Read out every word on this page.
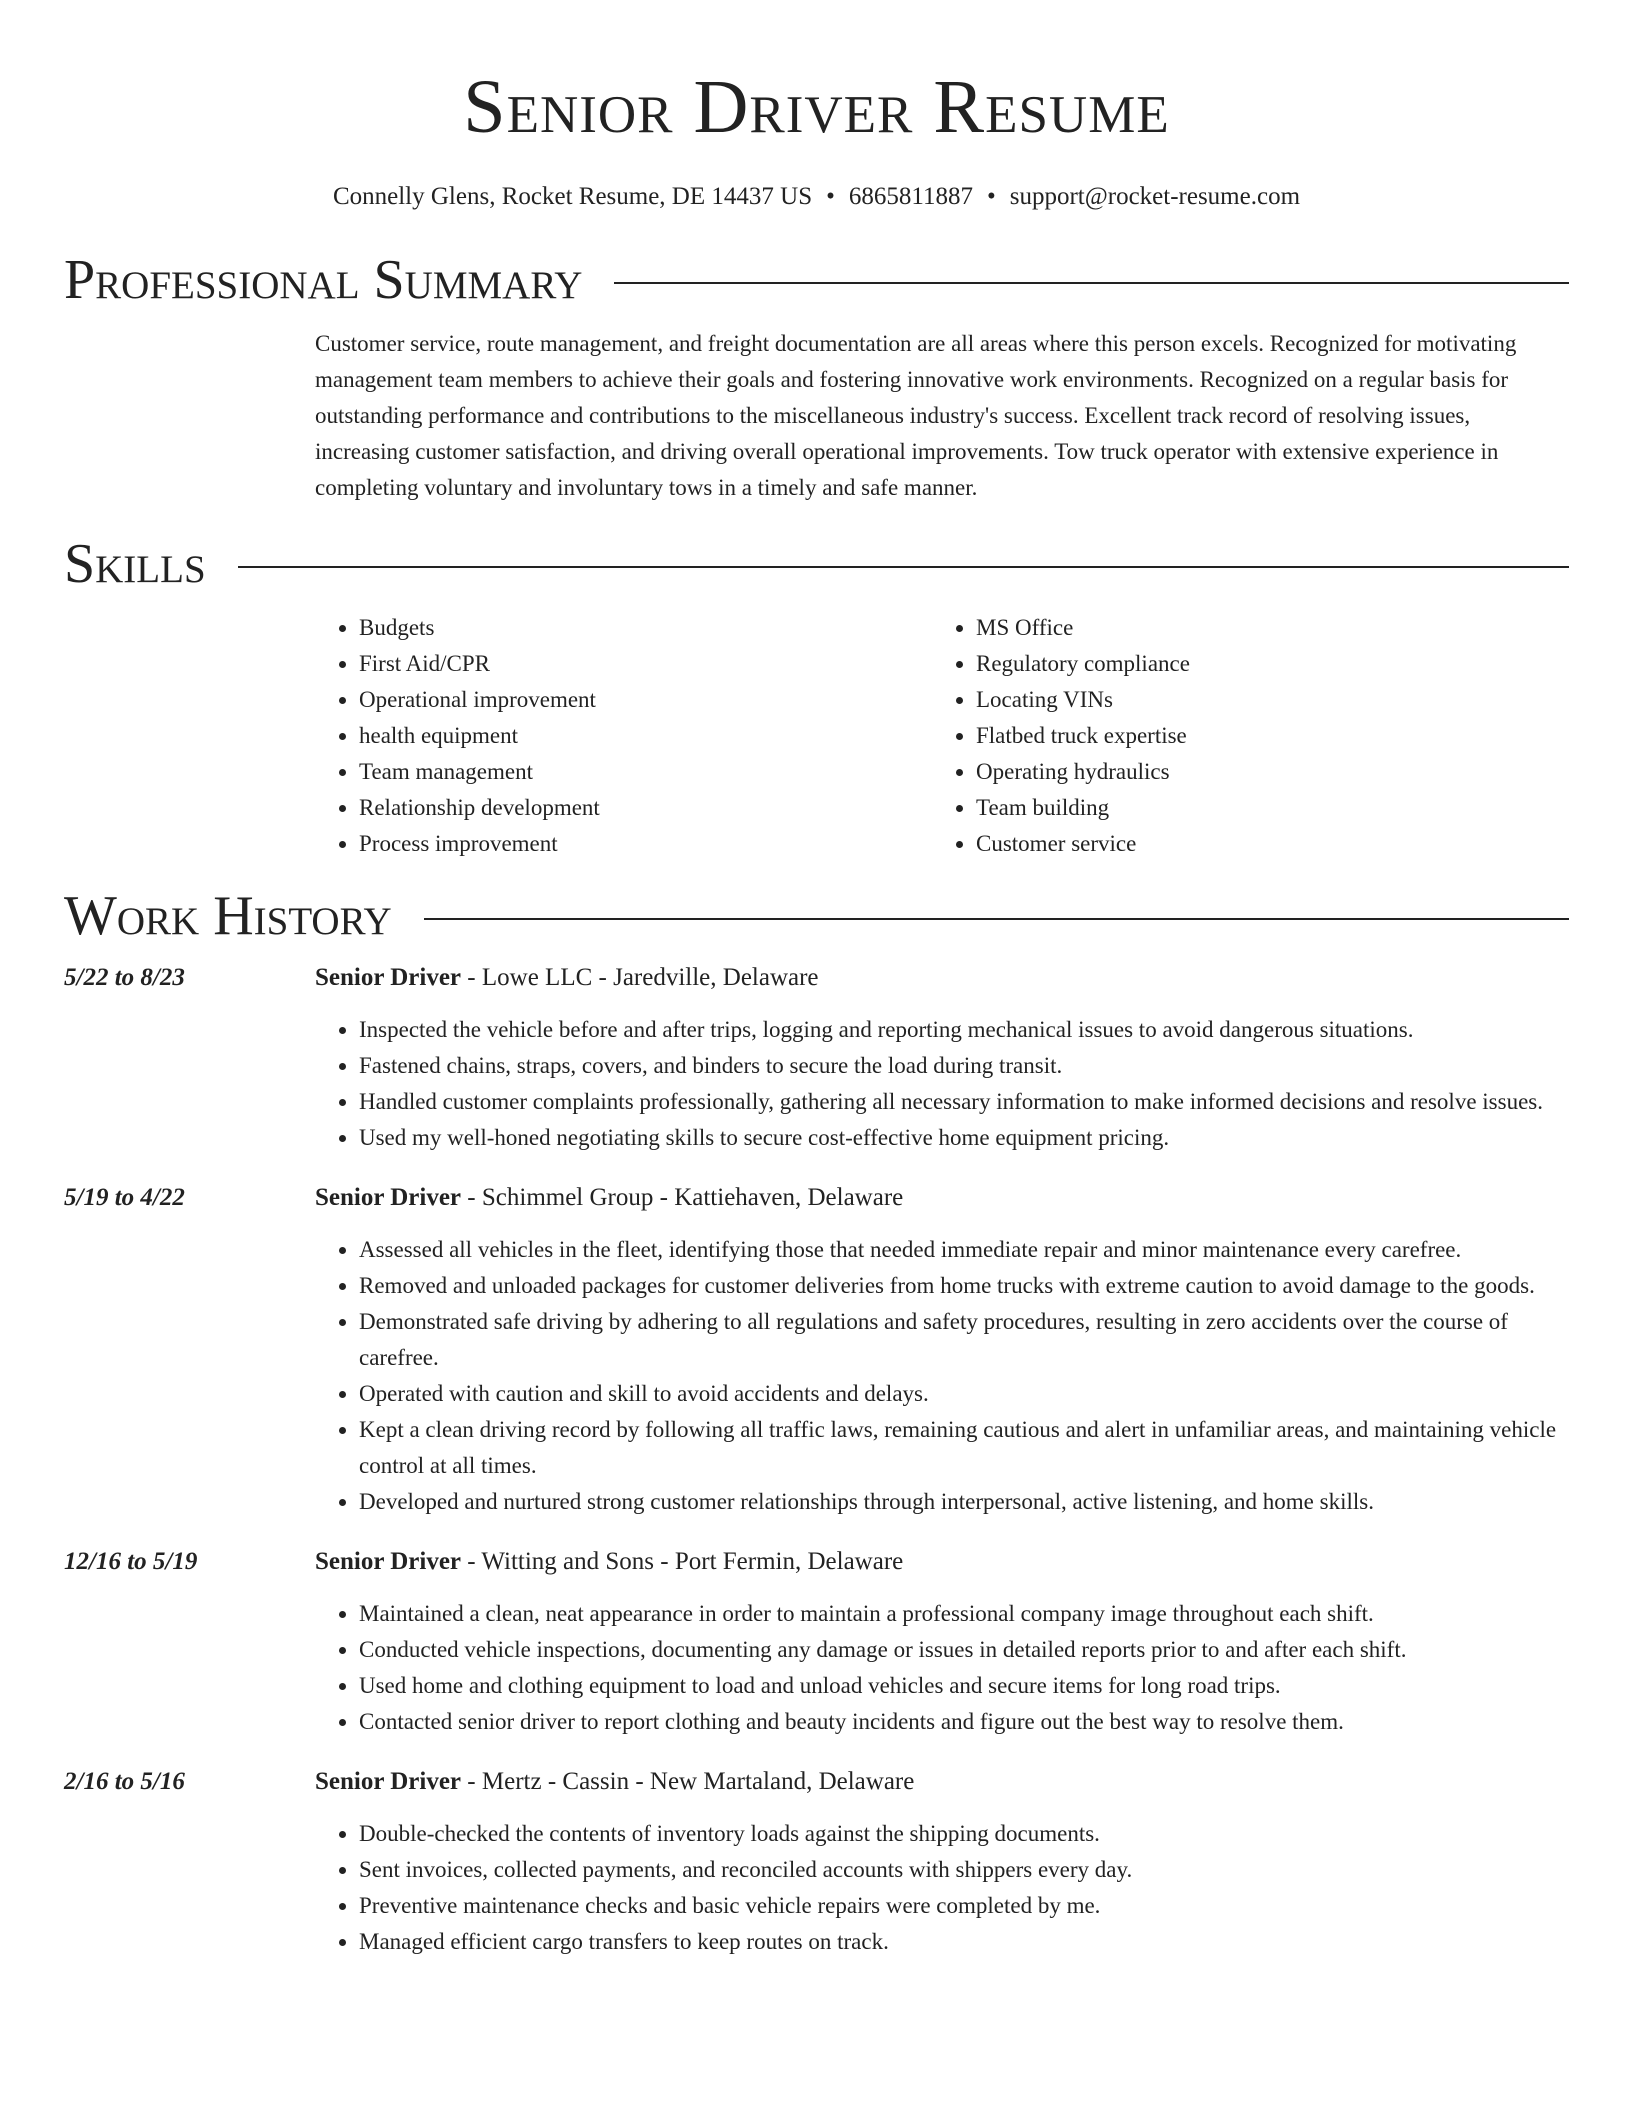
Senior Driver Resume
Connelly Glens, Rocket Resume, DE 14437 US • 6865811887 • support@rocket-resume.com
Professional Summary
Customer service, route management, and freight documentation are all areas where this person excels. Recognized for motivating management team members to achieve their goals and fostering innovative work environments. Recognized on a regular basis for outstanding performance and contributions to the miscellaneous industry's success. Excellent track record of resolving issues, increasing customer satisfaction, and driving overall operational improvements. Tow truck operator with extensive experience in completing voluntary and involuntary tows in a timely and safe manner.
Skills
• Budgets
• First Aid/CPR
• Operational improvement
• health equipment
• Team management
• Relationship development
• Process improvement
• MS Office
• Regulatory compliance
• Locating VINs
• Flatbed truck expertise
• Operating hydraulics
• Team building
• Customer service
Work History
5/22 to 8/23	Senior Driver - Lowe LLC - Jaredville, Delaware
• Inspected the vehicle before and after trips, logging and reporting mechanical issues to avoid dangerous situations.
• Fastened chains, straps, covers, and binders to secure the load during transit.
• Handled customer complaints professionally, gathering all necessary information to make informed decisions and resolve issues.
• Used my well-honed negotiating skills to secure cost-effective home equipment pricing.
5/19 to 4/22	Senior Driver - Schimmel Group - Kattiehaven, Delaware
• Assessed all vehicles in the fleet, identifying those that needed immediate repair and minor maintenance every carefree.
• Removed and unloaded packages for customer deliveries from home trucks with extreme caution to avoid damage to the goods.
• Demonstrated safe driving by adhering to all regulations and safety procedures, resulting in zero accidents over the course of carefree.
• Operated with caution and skill to avoid accidents and delays.
• Kept a clean driving record by following all traffic laws, remaining cautious and alert in unfamiliar areas, and maintaining vehicle control at all times.
• Developed and nurtured strong customer relationships through interpersonal, active listening, and home skills.
12/16 to 5/19	Senior Driver - Witting and Sons - Port Fermin, Delaware
• Maintained a clean, neat appearance in order to maintain a professional company image throughout each shift.
• Conducted vehicle inspections, documenting any damage or issues in detailed reports prior to and after each shift.
• Used home and clothing equipment to load and unload vehicles and secure items for long road trips.
• Contacted senior driver to report clothing and beauty incidents and figure out the best way to resolve them.
2/16 to 5/16	Senior Driver - Mertz - Cassin - New Martaland, Delaware
• Double-checked the contents of inventory loads against the shipping documents.
• Sent invoices, collected payments, and reconciled accounts with shippers every day.
• Preventive maintenance checks and basic vehicle repairs were completed by me.
• Managed efficient cargo transfers to keep routes on track.
